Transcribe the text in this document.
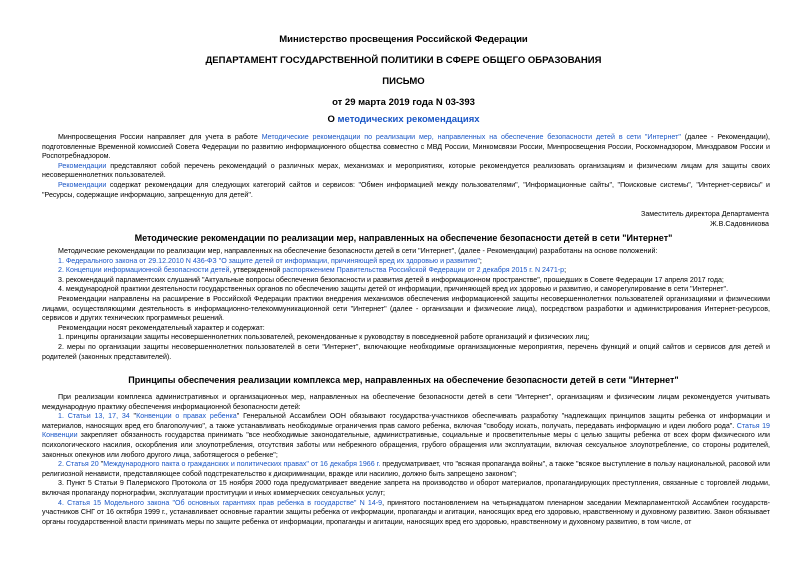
Министерство просвещения Российской Федерации
ДЕПАРТАМЕНТ ГОСУДАРСТВЕННОЙ ПОЛИТИКИ В СФЕРЕ ОБЩЕГО ОБРАЗОВАНИЯ
ПИСЬМО
от 29 марта 2019 года N 03-393
О методических рекомендациях

Минпросвещения России направляет для учета в работе Методические рекомендации по реализации мер, направленных на обеспечение безопасности детей в сети "Интернет" (далее - Рекомендации), подготовленные Временной комиссией Совета Федерации по развитию информационного общества совместно с МВД России, Минкомсвязи России, Минпросвещения России, Роскомнадзором, Минздравом России и Роспотребнадзором.

Рекомендации представляют собой перечень рекомендаций о различных мерах, механизмах и мероприятиях, которые рекомендуется реализовать организациям и физическим лицам для защиты своих несовершеннолетних пользователей.

Рекомендации содержат рекомендации для следующих категорий сайтов и сервисов: "Обмен информацией между пользователями", "Информационные сайты", "Поисковые системы", "Интернет-сервисы" и "Ресурсы, содержащие информацию, запрещенную для детей".

Заместитель директора Департамента
Ж.В.Садовникова
Методические рекомендации по реализации мер, направленных на обеспечение безопасности детей в сети "Интернет"

Методические рекомендации по реализации мер, направленных на обеспечение безопасности детей в сети "Интернет", (далее - Рекомендации) разработаны на основе положений:

1. Федерального закона от 29.12.2010 N 436-ФЗ "О защите детей от информации, причиняющей вред их здоровью и развитию";

2. Концепции информационной безопасности детей, утвержденной распоряжением Правительства Российской Федерации от 2 декабря 2015 г. N 2471-р;

3. рекомендаций парламентских слушаний "Актуальные вопросы обеспечения безопасности и развития детей в информационном пространстве", прошедших в Совете Федерации 17 апреля 2017 года;

4. международной практики деятельности государственных органов по обеспечению защиты детей от информации, причиняющей вред их здоровью и развитию, и саморегулирование в сети "Интернет".

Рекомендации направлены на расширение в Российской Федерации практики внедрения механизмов обеспечения информационной защиты несовершеннолетних пользователей организациями и физическими лицами, осуществляющими деятельность в информационно-телекоммуникационной сети "Интернет" (далее - организации и физические лица), посредством разработки и администрирования Интернет-ресурсов, сервисов и других технических программных решений.

Рекомендации носят рекомендательный характер и содержат:

1. принципы организации защиты несовершеннолетних пользователей, рекомендованные к руководству в повседневной работе организаций и физических лиц;

2. меры по организации защиты несовершеннолетних пользователей в сети "Интернет", включающие необходимые организационные мероприятия, перечень функций и опций сайтов и сервисов для детей и родителей (законных представителей).

Принципы обеспечения реализации комплекса мер, направленных на обеспечение безопасности детей в сети "Интернет"

При реализации комплекса административных и организационных мер, направленных на обеспечение безопасности детей в сети "Интернет", организациям и физическим лицам рекомендуется учитывать международную практику обеспечения информационной безопасности детей:

1. Статьи 13, 17, 34 "Конвенции о правах ребенка" Генеральной Ассамблеи ООН обязывают государства-участников обеспечивать разработку "надлежащих принципов защиты ребенка от информации и материалов, наносящих вред его благополучию", а также устанавливать необходимые ограничения прав самого ребенка, включая "свободу искать, получать, передавать информацию и идеи любого рода". Статья 19 Конвенции закрепляет обязанность государства принимать "все необходимые законодательные, административные, социальные и просветительные меры с целью защиты ребенка от всех форм физического или психологического насилия, оскорбления или злоупотребления, отсутствия заботы или небрежного обращения, грубого обращения или эксплуатации, включая сексуальное злоупотребление, со стороны родителей, законных опекунов или любого другого лица, заботящегося о ребенке";

2. Статья 20 "Международного пакта о гражданских и политических правах" от 16 декабря 1966 г. предусматривает, что "всякая пропаганда войны", а также "всякое выступление в пользу национальной, расовой или религиозной ненависти, представляющее собой подстрекательство к дискриминации, вражде или насилию, должно быть запрещено законом";

3. Пункт 5 Статьи 9 Палермского Протокола от 15 ноября 2000 года предусматривает введение запрета на производство и оборот материалов, пропагандирующих преступления, связанные с торговлей людьми, включая пропаганду порнографии, эксплуатации проституции и иных коммерческих сексуальных услуг;

4. Статья 15 Модельного закона "Об основных гарантиях прав ребенка в государстве" N 14-9, принятого постановлением на четырнадцатом пленарном заседании Межпарламентской Ассамблеи государств-участников СНГ от 16 октября 1999 г., устанавливает основные гарантии защиты ребенка от информации, пропаганды и агитации, наносящих вред его здоровью, нравственному и духовному развитию. Закон обязывает органы государственной власти принимать меры по защите ребенка от информации, пропаганды и агитации, наносящих вред его здоровью, нравственному и духовному развитию, в том числе, от
